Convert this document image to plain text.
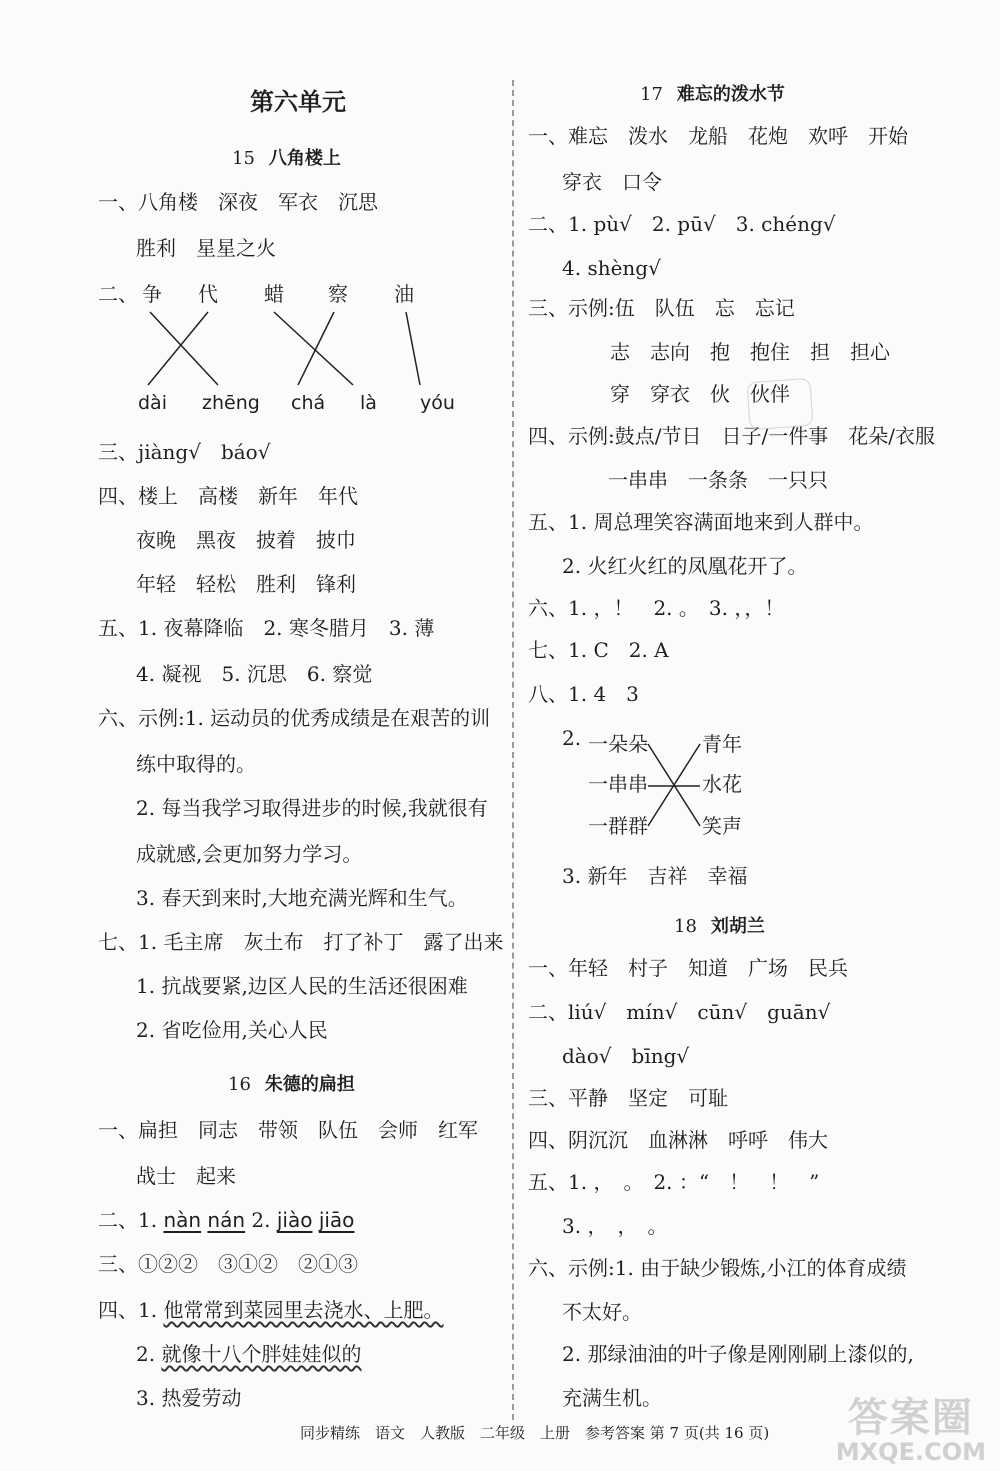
第六单元
15 八角楼上
一、八角楼　深夜　军衣　沉思
胜利　星星之火
二、 争 代 蜡 察 油
dài zhēng chá là yóu
三、jiàng√　báo√
四、楼上　高楼　新年　年代
夜晚　黑夜　披着　披巾
年轻　轻松　胜利　锋利
五、1. 夜幕降临　2. 寒冬腊月　3. 薄
4. 凝视　5. 沉思　6. 察觉
六、示例:1. 运动员的优秀成绩是在艰苦的训
练中取得的。
2. 每当我学习取得进步的时候,我就很有
成就感,会更加努力学习。
3. 春天到来时,大地充满光辉和生气。
七、1. 毛主席　灰土布　打了补丁　露了出来
1. 抗战要紧,边区人民的生活还很困难
2. 省吃俭用,关心人民
16 朱德的扁担
一、扁担　同志　带领　队伍　会师　红军
战士　起来
二、1. nàn nán 2. jiào jiāo
三、①②②　③①②　②①③
四、1. 他常常到菜园里去浇水、上肥。
2. 就像十八个胖娃娃似的
3. 热爱劳动
17 难忘的泼水节
一、难忘　泼水　龙船　花炮　欢呼　开始
穿衣　口令
二、1. pù√　2. pū√　3. chéng√
4. shèng√
三、示例:伍　队伍　忘　忘记
志　志向　抱　抱住　担　担心
穿　穿衣　伙　伙伴
四、示例:鼓点/节日　日子/一件事　花朵/衣服
一串串　一条条　一只只
五、1. 周总理笑容满面地来到人群中。
2. 火红火红的凤凰花开了。
六、1. ，！　2. 。　3. ，，！
七、1. C　2. A
八、1. 4　3
2. 一朵朵
一串串
一群群
青年
水花
笑声
3. 新年　吉祥　幸福
18 刘胡兰
一、年轻　村子　知道　广场　民兵
二、liú√　mín√　cūn√　guān√
dào√　bīng√
三、平静　坚定　可耻
四、阴沉沉　血淋淋　呼呼　伟大
五、1. ，　。　2. ：“　！　！　”
3. ，　，　。
六、示例:1. 由于缺少锻炼,小江的体育成绩
不太好。
2. 那绿油油的叶子像是刚刚刷上漆似的,
充满生机。
同步精练　语文　人教版　二年级　上册　参考答案 第 7 页(共 16 页)	答案圈
MXQE.COM
